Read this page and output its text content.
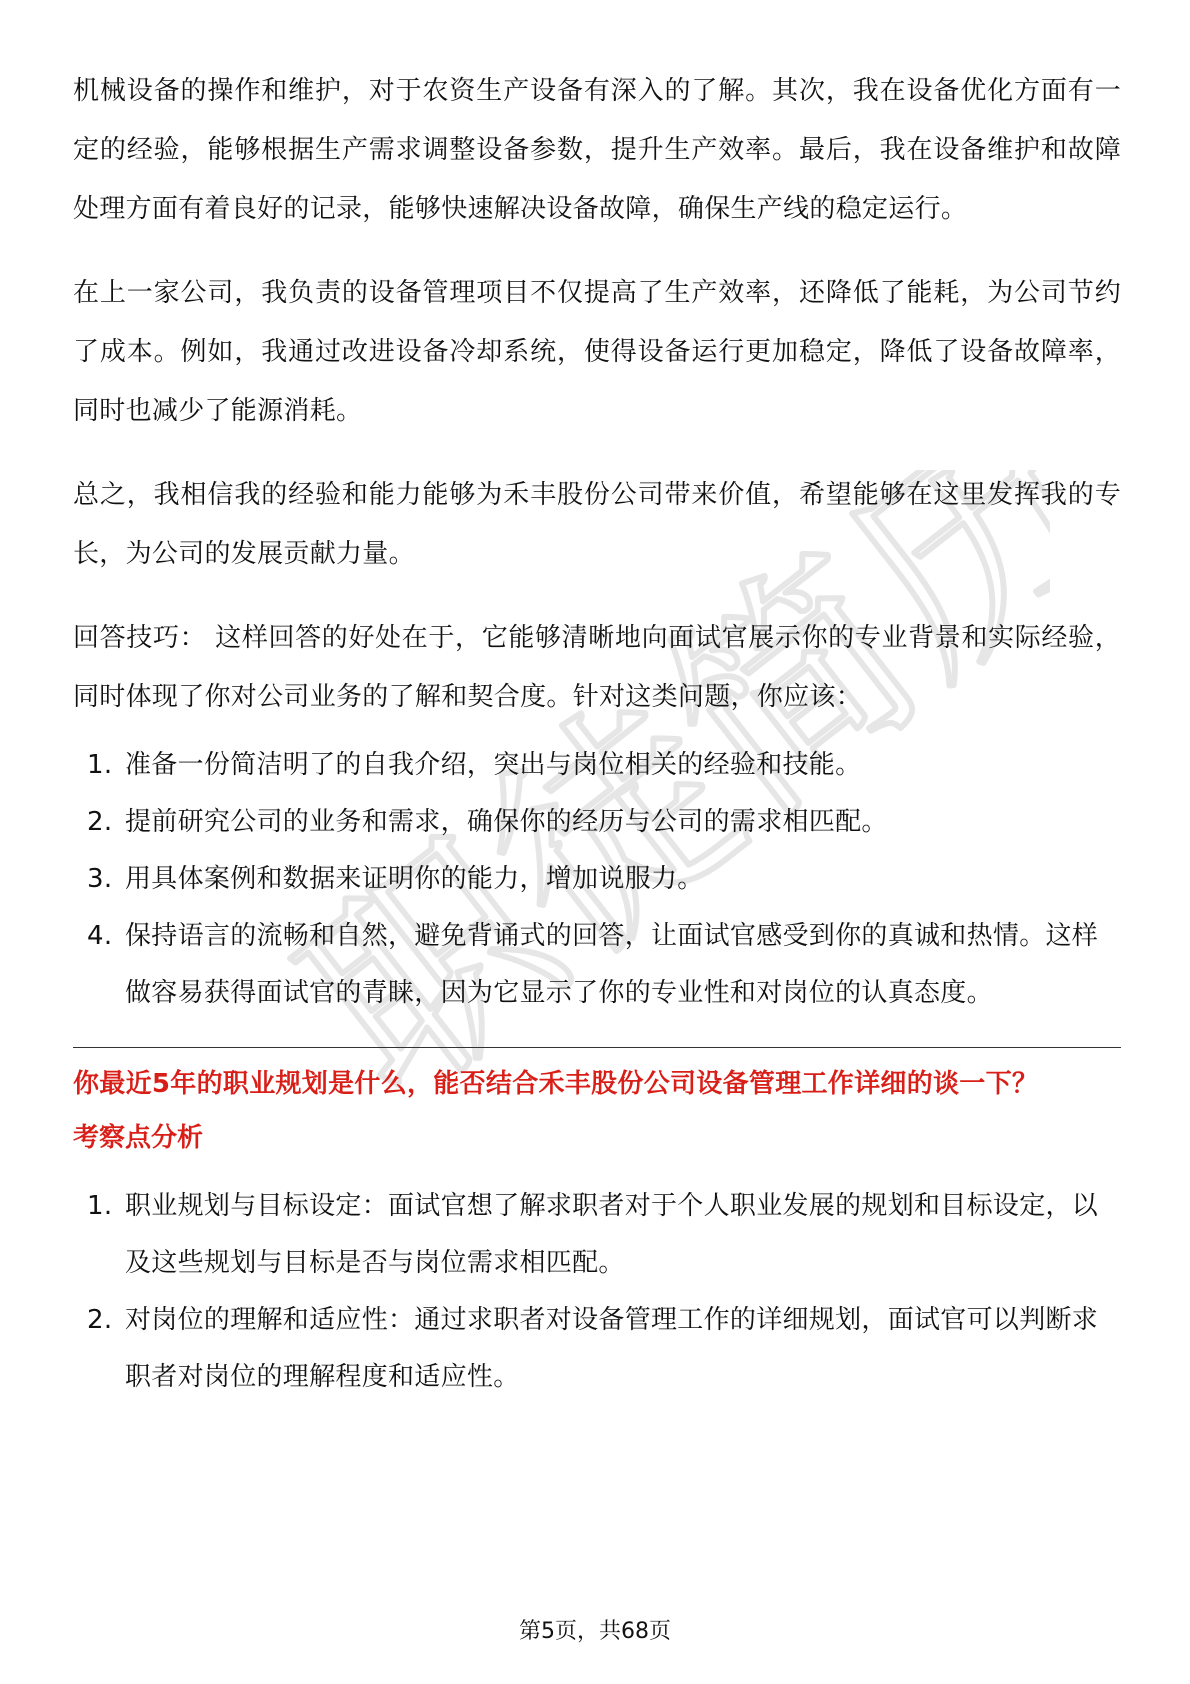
职徒简历

机械设备的操作和维护，对于农资生产设备有深入的了解。其次，我在设备优化方面有一定的经验，能够根据生产需求调整设备参数，提升生产效率。最后，我在设备维护和故障处理方面有着良好的记录，能够快速解决设备故障，确保生产线的稳定运行。

在上一家公司，我负责的设备管理项目不仅提高了生产效率，还降低了能耗，为公司节约了成本。例如，我通过改进设备冷却系统，使得设备运行更加稳定，降低了设备故障率，同时也减少了能源消耗。

总之，我相信我的经验和能力能够为禾丰股份公司带来价值，希望能够在这里发挥我的专长，为公司的发展贡献力量。

回答技巧： 这样回答的好处在于，它能够清晰地向面试官展示你的专业背景和实际经验，同时体现了你对公司业务的了解和契合度。针对这类问题，你应该：

1. 准备一份简洁明了的自我介绍，突出与岗位相关的经验和技能。
2. 提前研究公司的业务和需求，确保你的经历与公司的需求相匹配。
3. 用具体案例和数据来证明你的能力，增加说服力。
4. 保持语言的流畅和自然，避免背诵式的回答，让面试官感受到你的真诚和热情。这样做容易获得面试官的青睐，因为它显示了你的专业性和对岗位的认真态度。
你最近5年的职业规划是什么，能否结合禾丰股份公司设备管理工作详细的谈一下？
考察点分析
1. 职业规划与目标设定：面试官想了解求职者对于个人职业发展的规划和目标设定，以及这些规划与目标是否与岗位需求相匹配。
2. 对岗位的理解和适应性：通过求职者对设备管理工作的详细规划，面试官可以判断求职者对岗位的理解程度和适应性。
第5页，共68页
